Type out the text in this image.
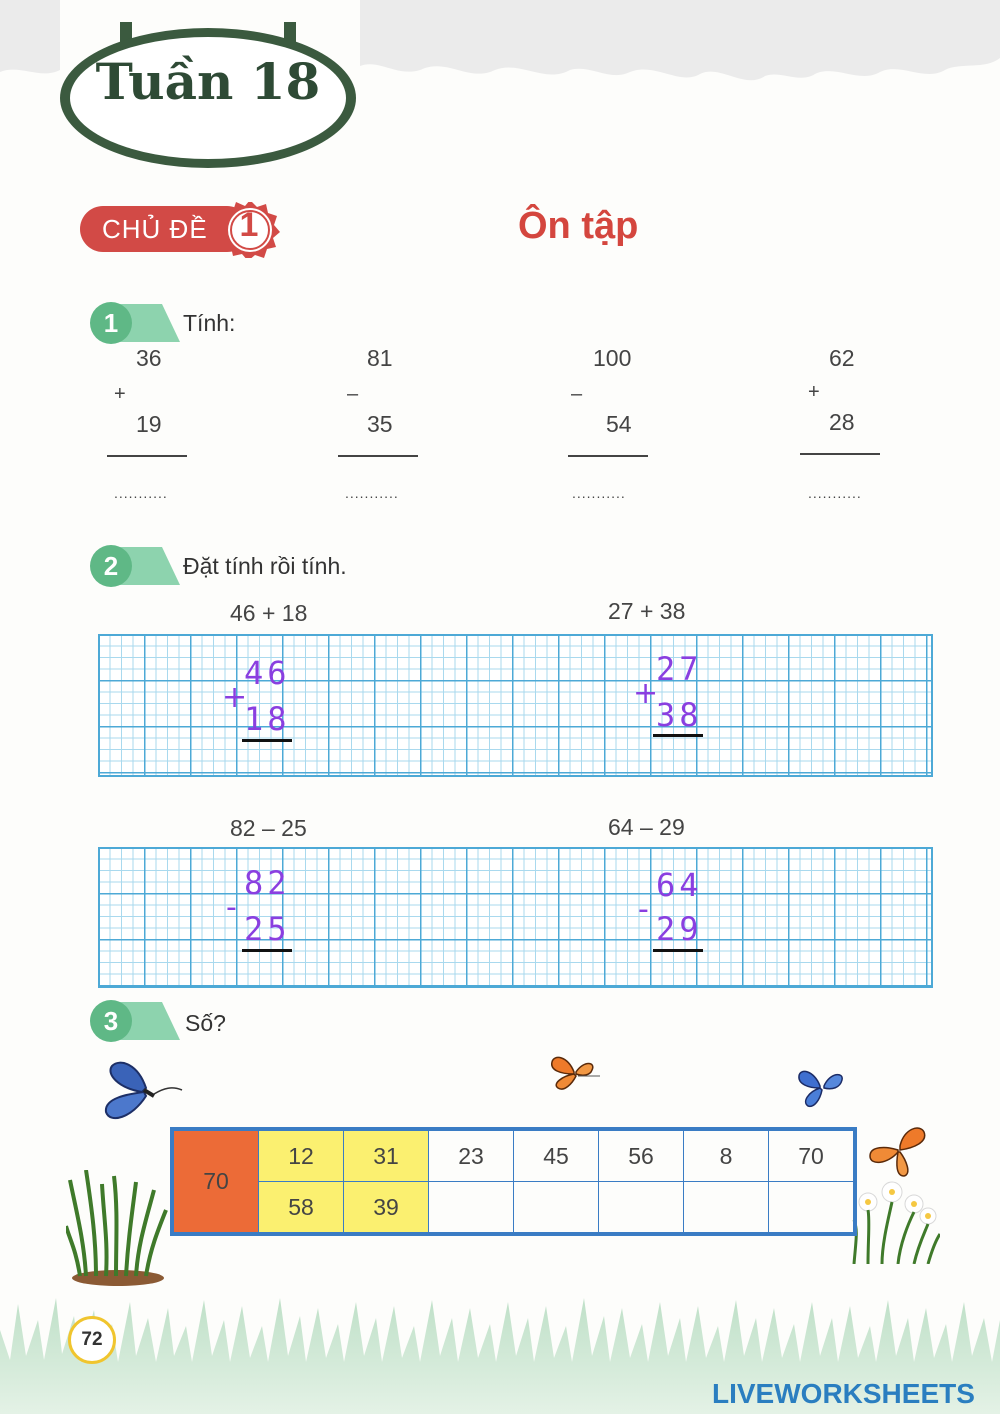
Tuần 18
CHỦ ĐỀ 1	Ôn tập
1	Tính:
36
+
19
...........
81
–
35
...........
100
–
54
...........
62
+
28
...........
2	Đặt tính rồi tính.
46 + 18	27 + 38
46
+
18
27
+
38
82 – 25	64 – 29
82
-
25
64
-
29
3	Số?
70	12	31	23	45	56	8	70
	58	39					
72
LIVEWORKSHEETS
